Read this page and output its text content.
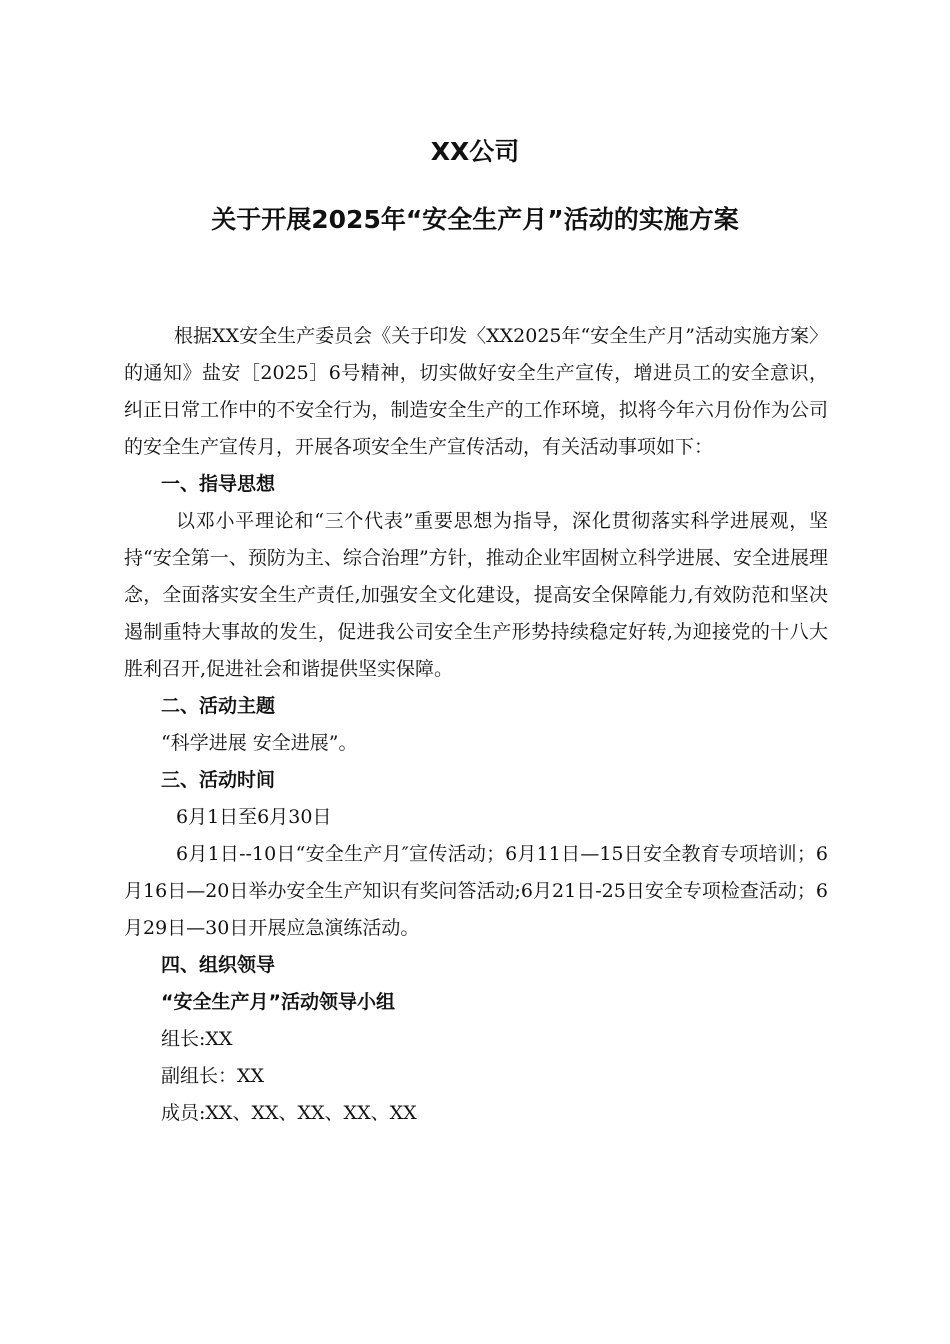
XX公司
关于开展2025年“安全生产月”活动的实施方案

根据XX安全生产委员会《关于印发〈XX2025年“安全生产月”活动实施方案〉的通知》盐安［2025］6号精神，切实做好安全生产宣传，增进员工的安全意识，纠正日常工作中的不安全行为，制造安全生产的工作环境，拟将今年六月份作为公司的安全生产宣传月，开展各项安全生产宣传活动，有关活动事项如下：

一、指导思想

以邓小平理论和“三个代表”重要思想为指导，深化贯彻落实科学进展观，坚持“安全第一、预防为主、综合治理”方针，推动企业牢固树立科学进展、安全进展理念，全面落实安全生产责任,加强安全文化建设，提高安全保障能力,有效防范和坚决遏制重特大事故的发生，促进我公司安全生产形势持续稳定好转,为迎接党的十八大胜利召开,促进社会和谐提供坚实保障。

二、活动主题

“科学进展 安全进展”。

三、活动时间

6月1日至6月30日

6月1日--10日“安全生产月″宣传活动；6月11日—15日安全教育专项培训；6月16日—20日举办安全生产知识有奖问答活动;6月21日-25日安全专项检查活动；6月29日—30日开展应急演练活动。

四、组织领导

“安全生产月”活动领导小组

组长:XX

副组长：XX

成员:XX、XX、XX、XX、XX
